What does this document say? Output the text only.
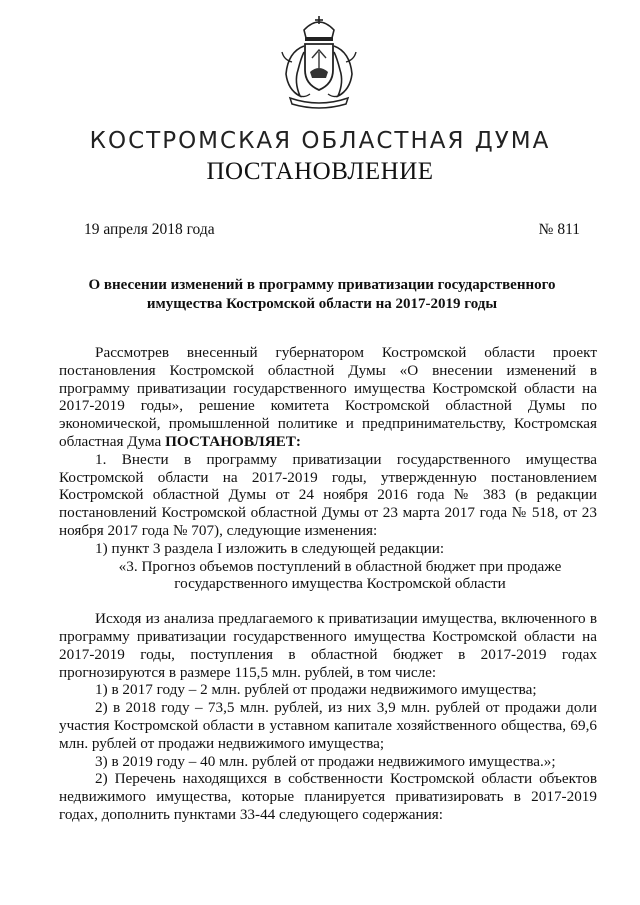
КОСТРОМСКАЯ ОБЛАСТНАЯ ДУМА
ПОСТАНОВЛЕНИЕ
19 апреля 2018 года	№ 811
О внесении изменений в программу приватизации государственного
имущества Костромской области на 2017-2019 годы

Рассмотрев внесенный губернатором Костромской области проект постановления Костромской областной Думы «О внесении изменений в программу приватизации государственного имущества Костромской области на 2017-2019 годы», решение комитета Костромской областной Думы по экономической, промышленной политике и предпринимательству, Костромская областная Дума ПОСТАНОВЛЯЕТ:

1. Внести в программу приватизации государственного имущества Костромской области на 2017-2019 годы, утвержденную постановлением Костромской областной Думы от 24 ноября 2016 года № 383 (в редакции постановлений Костромской областной Думы от 23 марта 2017 года № 518, от 23 ноября 2017 года № 707), следующие изменения:

1) пункт 3 раздела I изложить в следующей редакции:

«3. Прогноз объемов поступлений в областной бюджет при продаже
государственного имущества Костромской области

Исходя из анализа предлагаемого к приватизации имущества, включенного в программу приватизации государственного имущества Костромской области на 2017-2019 годы, поступления в областной бюджет в 2017-2019 годах прогнозируются в размере 115,5 млн. рублей, в том числе:

1) в 2017 году – 2 млн. рублей от продажи недвижимого имущества;

2) в 2018 году – 73,5 млн. рублей, из них 3,9 млн. рублей от продажи доли участия Костромской области в уставном капитале хозяйственного общества, 69,6 млн. рублей от продажи недвижимого имущества;

3) в 2019 году – 40 млн. рублей от продажи недвижимого имущества.»;

2) Перечень находящихся в собственности Костромской области объектов недвижимого имущества, которые планируется приватизировать в 2017-2019 годах, дополнить пунктами 33-44 следующего содержания:
